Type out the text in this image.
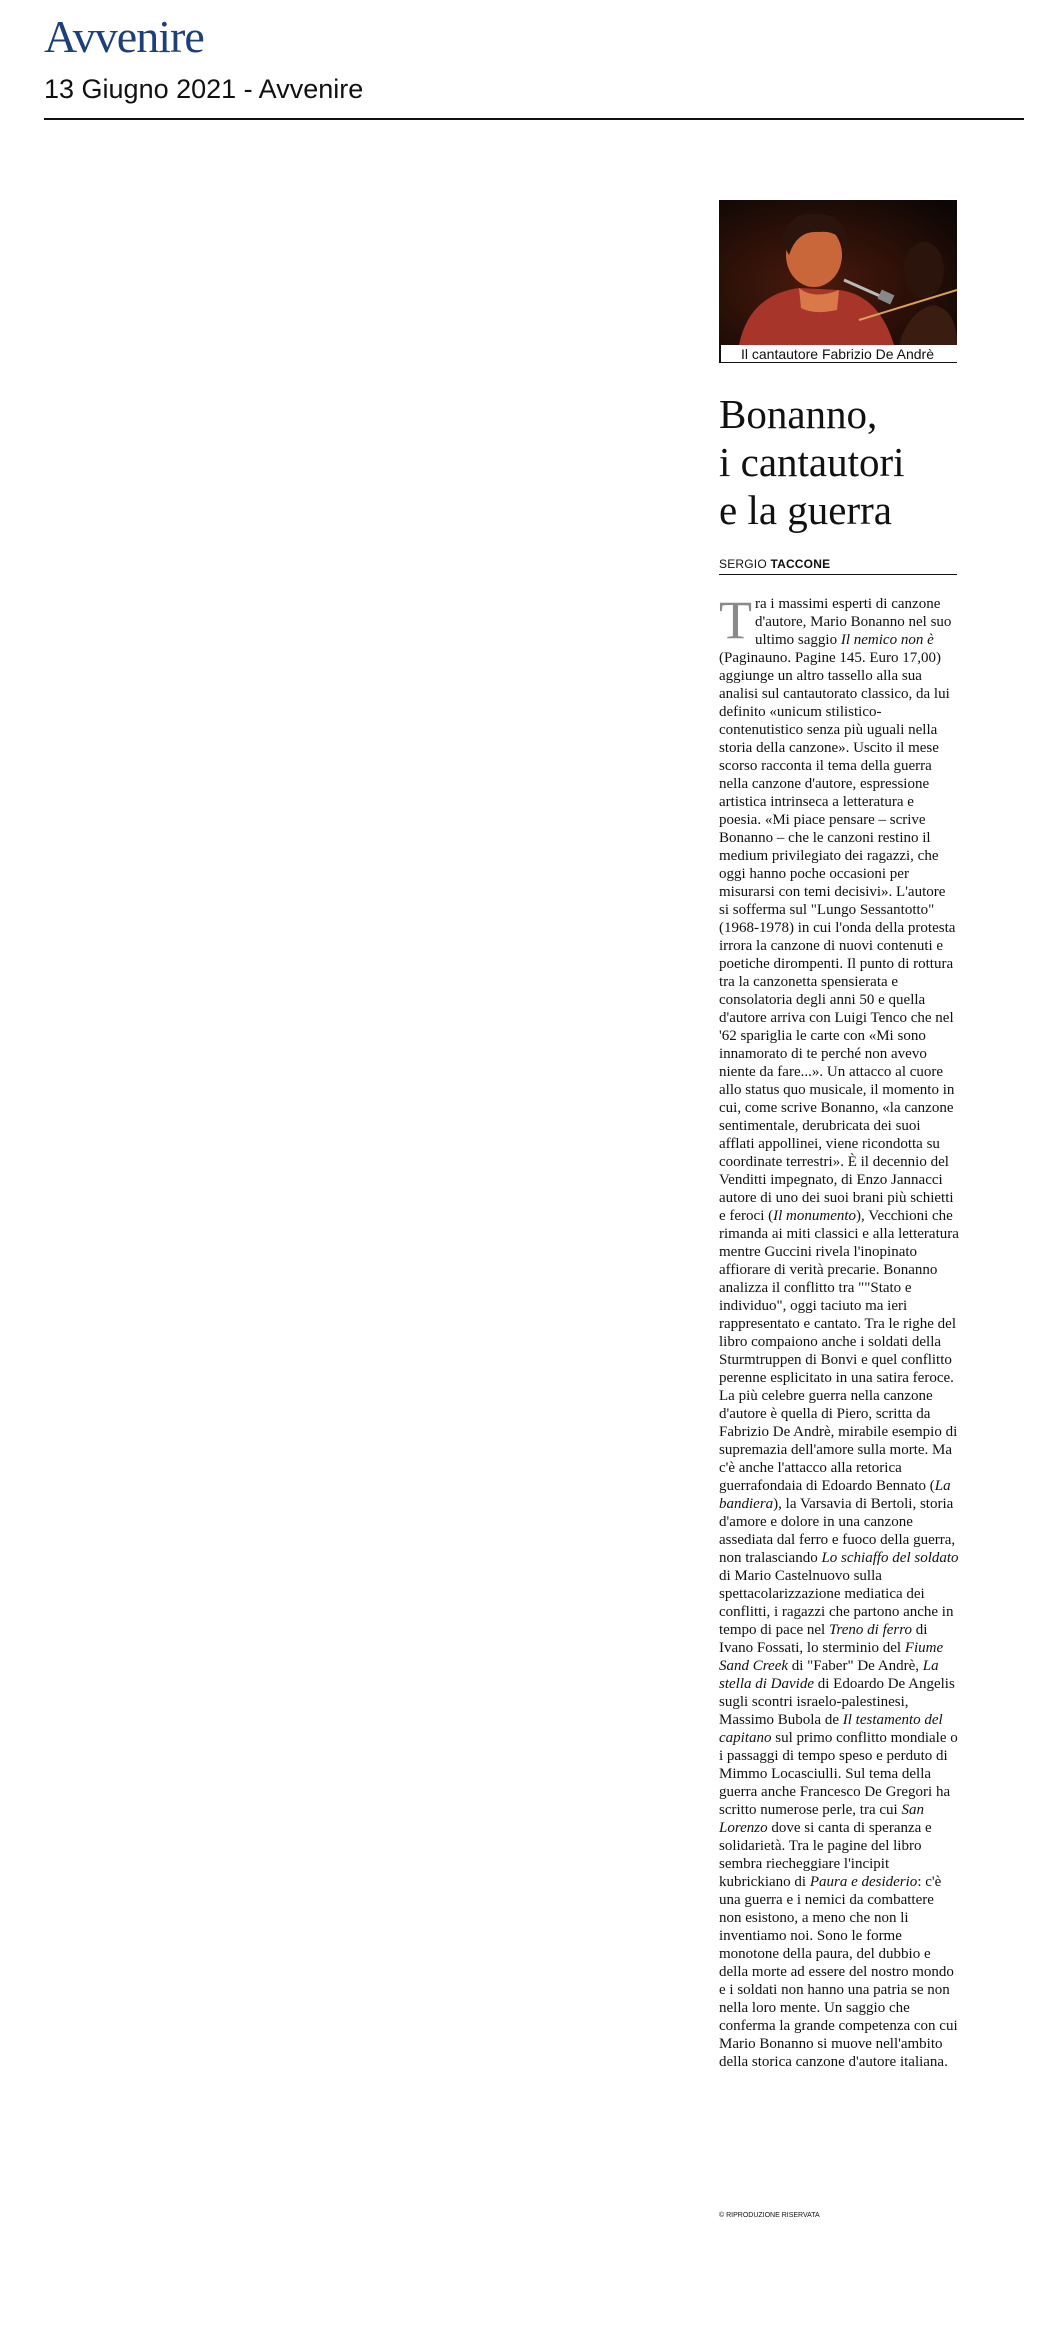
Avvenire
13 Giugno 2021 - Avvenire
Il cantautore Fabrizio De Andrè
Bonanno,
i cantautori
e la guerra
SERGIO TACCONE
T ra i massimi esperti di canzone d'autore, Mario Bonanno nel suo ultimo saggio Il nemico non è (Paginauno. Pagine 145. Euro 17,00) aggiunge un altro tassello alla sua analisi sul cantautorato classico, da lui definito «unicum stilistico-contenutistico senza più uguali nella storia della canzone». Uscito il mese scorso racconta il tema della guerra nella canzone d'autore, espressione artistica intrinseca a letteratura e poesia. «Mi piace pensare – scrive Bonanno – che le canzoni restino il medium privilegiato dei ragazzi, che oggi hanno poche occasioni per misurarsi con temi decisivi». L'autore si sofferma sul "Lungo Sessantotto" (1968-1978) in cui l'onda della protesta irrora la canzone di nuovi contenuti e poetiche dirompenti. Il punto di rottura tra la canzonetta spensierata e consolatoria degli anni 50 e quella d'autore arriva con Luigi Tenco che nel '62 sparigliа le carte con «Mi sono innamorato di te perché non avevo niente da fare...». Un attacco al cuore allo status quo musicale, il momento in cui, come scrive Bonanno, «la canzone sentimentale, derubricata dei suoi afflati appollinei, viene ricondotta su coordinate terrestri». È il decennio del Venditti impegnato, di Enzo Jannacci autore di uno dei suoi brani più schietti e feroci (Il monumento), Vecchioni che rimanda ai miti classici e alla letteratura mentre Guccini rivela l'inopinato affiorare di verità precarie. Bonanno analizza il conflitto tra ""Stato e individuo", oggi taciuto ma ieri rappresentato e cantato. Tra le righe del libro compaiono anche i soldati della Sturmtruppen di Bonvi e quel conflitto perenne esplicitato in una satira feroce. La più celebre guerra nella canzone d'autore è quella di Piero, scritta da Fabrizio De Andrè, mirabile esempio di supremazia dell'amore sulla morte. Ma c'è anche l'attacco alla retorica guerrafondaia di Edoardo Bennato (La bandiera), la Varsavia di Bertoli, storia d'amore e dolore in una canzone assediata dal ferro e fuoco della guerra, non tralasciando Lo schiaffo del soldato di Mario Castelnuovo sulla spettacolarizzazione mediatica dei conflitti, i ragazzi che partono anche in tempo di pace nel Treno di ferro di Ivano Fossati, lo sterminio del Fiume Sand Creek di "Faber" De Andrè, La stella di Davide di Edoardo De Angelis sugli scontri israelo-palestinesi, Massimo Bubola de Il testamento del capitano sul primo conflitto mondiale o i passaggi di tempo speso e perduto di Mimmo Locasciulli. Sul tema della guerra anche Francesco De Gregori ha scritto numerose perle, tra cui San Lorenzo dove si canta di speranza e solidarietà. Tra le pagine del libro sembra riecheggiare l'incipit kubrickiano di Paura e desiderio: c'è una guerra e i nemici da combattere non esistono, a meno che non li inventiamo noi. Sono le forme monotone della paura, del dubbio e della morte ad essere del nostro mondo e i soldati non hanno una patria se non nella loro mente. Un saggio che conferma la grande competenza con cui Mario Bonanno si muove nell'ambito della storica canzone d'autore italiana.
© RIPRODUZIONE RISERVATA
